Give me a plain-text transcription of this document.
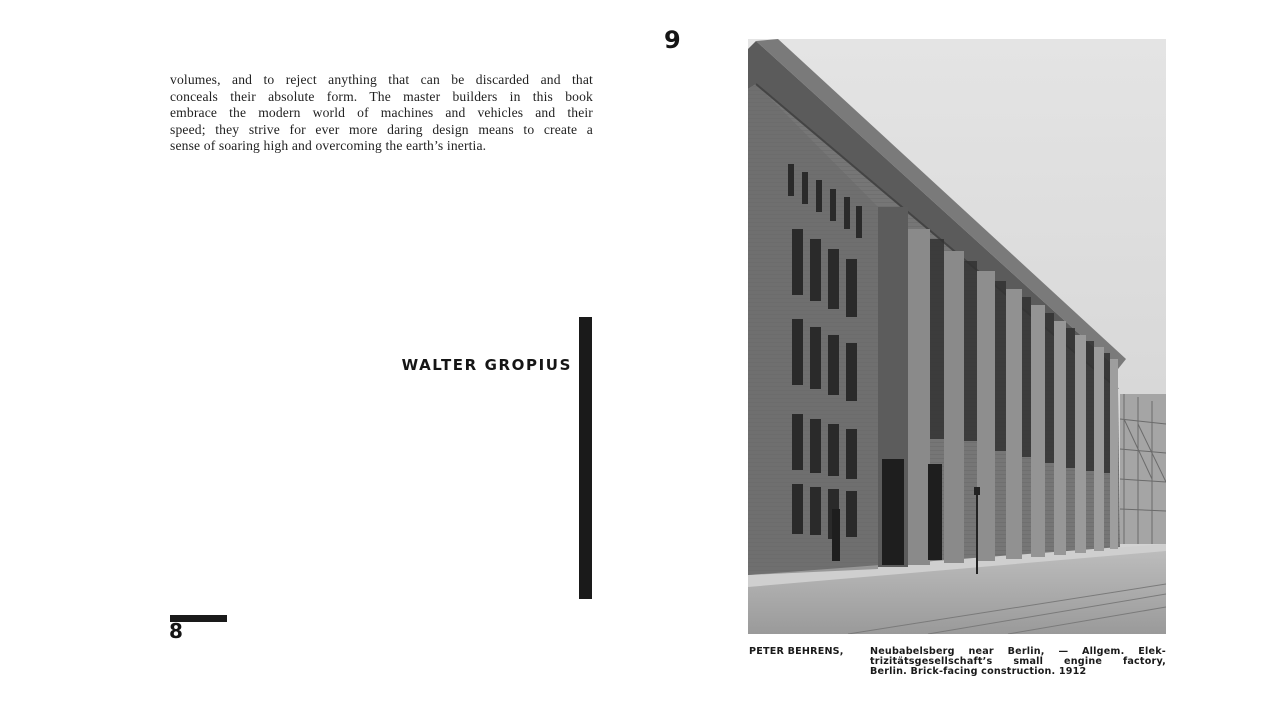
volumes, and to reject anything that can be discarded and that
conceals their absolute form. The master builders in this book
embrace the modern world of machines and vehicles and their
speed; they strive for ever more daring design means to create a
sense of soaring high and overcoming the earth’s inertia.
WALTER GROPIUS
8
9
PETER BEHRENS,	Neubabelsberg near Berlin, — Allgem. Elek-
trizitätsgesellschaft’s small engine factory,
Berlin. Brick-facing construction. 1912
